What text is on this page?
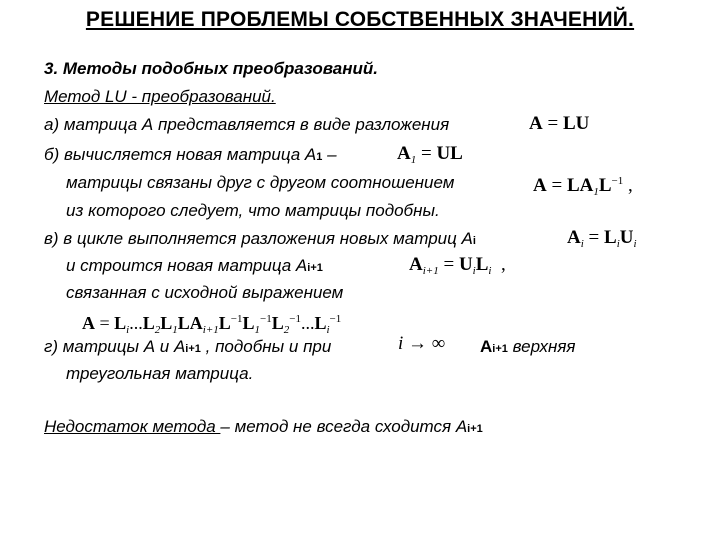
РЕШЕНИЕ ПРОБЛЕМЫ СОБСТВЕННЫХ ЗНАЧЕНИЙ.
3. Методы подобных преобразований.
Метод LU - преобразований.
а) матрица А представляется в виде разложения	A = LU
б) вычисляется новая матрица А1 –	$A_1$ = UL
матрицы связаны друг с другом соотношением	$A = LA_1L^{-1}$ ,
из которого следует, что матрицы подобны.
в) в цикле выполняется разложения новых матриц Аi	$A_i = L_iU_i$
и строится новая матрица Аi+1	$A_{i+1} = U_iL_i$  ,
связанная с исходной выражением
$A = L_i...L_2L_1LA_{i+1}L^{-1}L_1^{-1}L_2^{-1}...L_i^{-1}$
г) матрицы А и Аi+1 , подобны и при	i → ∞ Аi+1 верхняя
треугольная матрица.
Недостаток метода – метод не всегда сходится Аi+1
